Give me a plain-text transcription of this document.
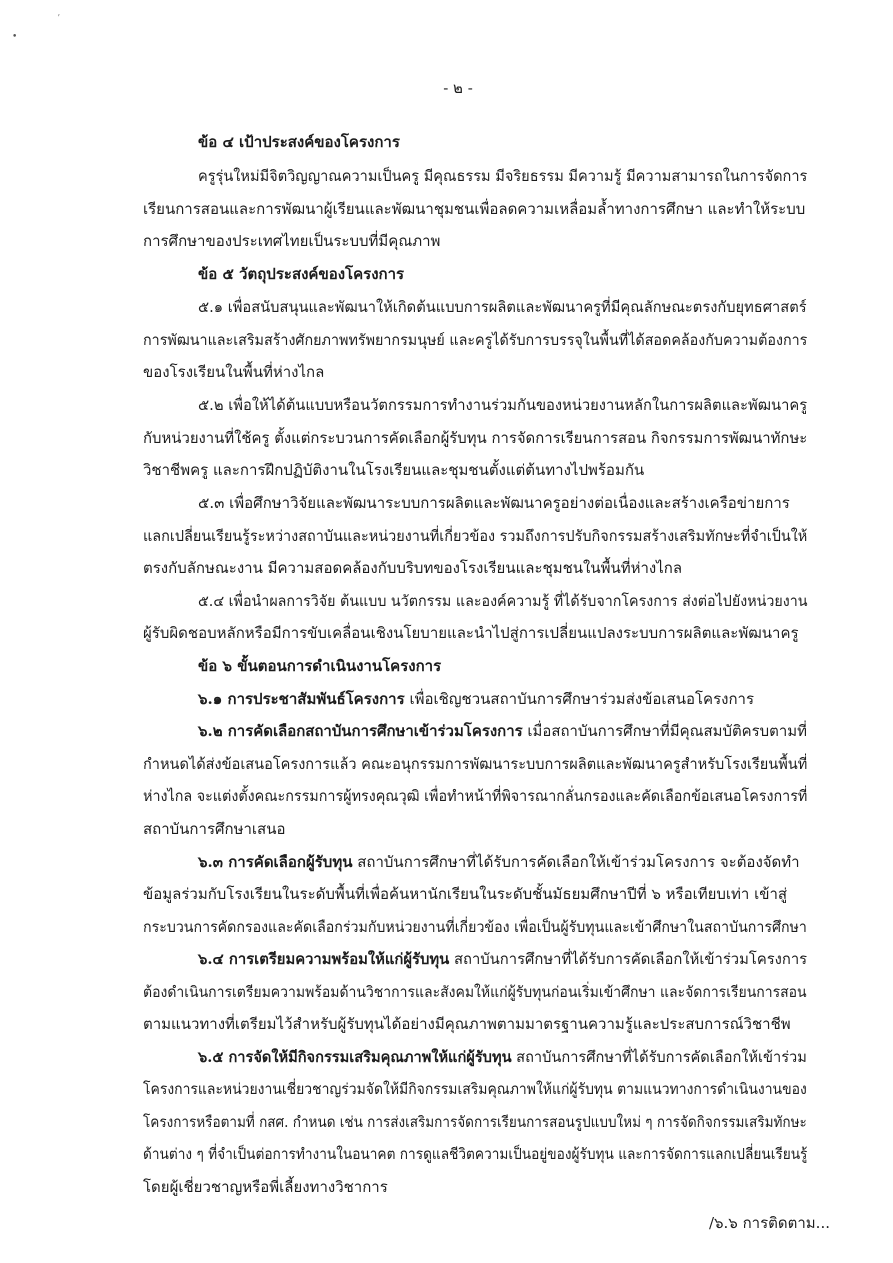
ʼ
•
- ๒ -
ข้อ ๔ เป้าประสงค์ของโครงการ
ครูรุ่นใหม่มีจิตวิญญาณความเป็นครู มีคุณธรรม มีจริยธรรม มีความรู้ มีความสามารถในการจัดการ
เรียนการสอนและการพัฒนาผู้เรียนและพัฒนาชุมชนเพื่อลดความเหลื่อมล้ำทางการศึกษา และทำให้ระบบ
การศึกษาของประเทศไทยเป็นระบบที่มีคุณภาพ
ข้อ ๕ วัตถุประสงค์ของโครงการ
๕.๑ เพื่อสนับสนุนและพัฒนาให้เกิดต้นแบบการผลิตและพัฒนาครูที่มีคุณลักษณะตรงกับยุทธศาสตร์
การพัฒนาและเสริมสร้างศักยภาพทรัพยากรมนุษย์ และครูได้รับการบรรจุในพื้นที่ได้สอดคล้องกับความต้องการ
ของโรงเรียนในพื้นที่ห่างไกล
๕.๒ เพื่อให้ได้ต้นแบบหรือนวัตกรรมการทำงานร่วมกันของหน่วยงานหลักในการผลิตและพัฒนาครู
กับหน่วยงานที่ใช้ครู ตั้งแต่กระบวนการคัดเลือกผู้รับทุน การจัดการเรียนการสอน กิจกรรมการพัฒนาทักษะ
วิชาชีพครู และการฝึกปฏิบัติงานในโรงเรียนและชุมชนตั้งแต่ต้นทางไปพร้อมกัน
๕.๓ เพื่อศึกษาวิจัยและพัฒนาระบบการผลิตและพัฒนาครูอย่างต่อเนื่องและสร้างเครือข่ายการ
แลกเปลี่ยนเรียนรู้ระหว่างสถาบันและหน่วยงานที่เกี่ยวข้อง รวมถึงการปรับกิจกรรมสร้างเสริมทักษะที่จำเป็นให้
ตรงกับลักษณะงาน มีความสอดคล้องกับบริบทของโรงเรียนและชุมชนในพื้นที่ห่างไกล
๕.๔ เพื่อนำผลการวิจัย ต้นแบบ นวัตกรรม และองค์ความรู้ ที่ได้รับจากโครงการ ส่งต่อไปยังหน่วยงาน
ผู้รับผิดชอบหลักหรือมีการขับเคลื่อนเชิงนโยบายและนำไปสู่การเปลี่ยนแปลงระบบการผลิตและพัฒนาครู
ข้อ ๖ ขั้นตอนการดำเนินงานโครงการ
๖.๑ การประชาสัมพันธ์โครงการ เพื่อเชิญชวนสถาบันการศึกษาร่วมส่งข้อเสนอโครงการ
๖.๒ การคัดเลือกสถาบันการศึกษาเข้าร่วมโครงการ เมื่อสถาบันการศึกษาที่มีคุณสมบัติครบตามที่
กำหนดได้ส่งข้อเสนอโครงการแล้ว คณะอนุกรรมการพัฒนาระบบการผลิตและพัฒนาครูสำหรับโรงเรียนพื้นที่
ห่างไกล จะแต่งตั้งคณะกรรมการผู้ทรงคุณวุฒิ เพื่อทำหน้าที่พิจารณากลั่นกรองและคัดเลือกข้อเสนอโครงการที่
สถาบันการศึกษาเสนอ
๖.๓ การคัดเลือกผู้รับทุน สถาบันการศึกษาที่ได้รับการคัดเลือกให้เข้าร่วมโครงการ จะต้องจัดทำ
ข้อมูลร่วมกับโรงเรียนในระดับพื้นที่เพื่อค้นหานักเรียนในระดับชั้นมัธยมศึกษาปีที่ ๖ หรือเทียบเท่า เข้าสู่
กระบวนการคัดกรองและคัดเลือกร่วมกับหน่วยงานที่เกี่ยวข้อง เพื่อเป็นผู้รับทุนและเข้าศึกษาในสถาบันการศึกษา
๖.๔ การเตรียมความพร้อมให้แก่ผู้รับทุน สถาบันการศึกษาที่ได้รับการคัดเลือกให้เข้าร่วมโครงการ
ต้องดำเนินการเตรียมความพร้อมด้านวิชาการและสังคมให้แก่ผู้รับทุนก่อนเริ่มเข้าศึกษา และจัดการเรียนการสอน
ตามแนวทางที่เตรียมไว้สำหรับผู้รับทุนได้อย่างมีคุณภาพตามมาตรฐานความรู้และประสบการณ์วิชาชีพ
๖.๕ การจัดให้มีกิจกรรมเสริมคุณภาพให้แก่ผู้รับทุน สถาบันการศึกษาที่ได้รับการคัดเลือกให้เข้าร่วม
โครงการและหน่วยงานเชี่ยวชาญร่วมจัดให้มีกิจกรรมเสริมคุณภาพให้แก่ผู้รับทุน ตามแนวทางการดำเนินงานของ
โครงการหรือตามที่ กสศ. กำหนด เช่น การส่งเสริมการจัดการเรียนการสอนรูปแบบใหม่ ๆ การจัดกิจกรรมเสริมทักษะ
ด้านต่าง ๆ ที่จำเป็นต่อการทำงานในอนาคต การดูแลชีวิตความเป็นอยู่ของผู้รับทุน และการจัดการแลกเปลี่ยนเรียนรู้
โดยผู้เชี่ยวชาญหรือพี่เลี้ยงทางวิชาการ
/๖.๖ การติดตาม...
